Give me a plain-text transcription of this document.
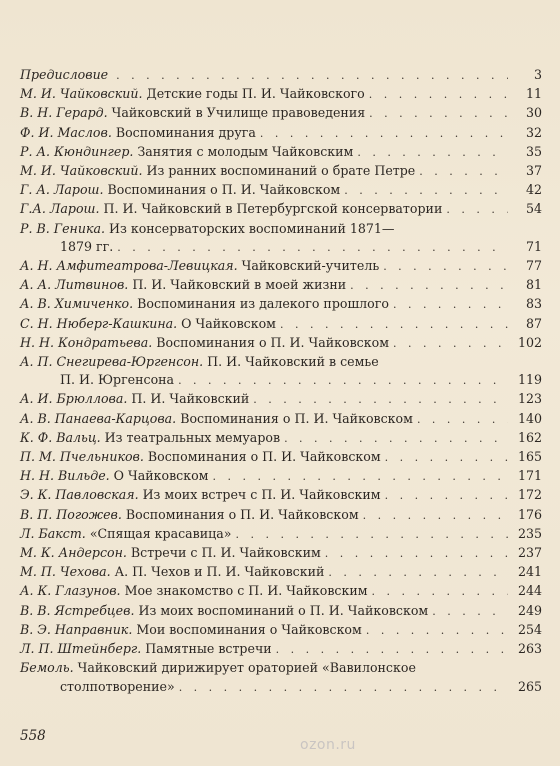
Предисловие . . .	3
М. И. Чайковский. Детские годы П. И. Чайковского . . .	11
В. Н. Герард. Чайковский в Училище правоведения . . .	30
Ф. И. Маслов. Воспоминания друга . . .	32
Р. А. Кюндингер. Занятия с молодым Чайковским . . .	35
М. И. Чайковский. Из ранних воспоминаний о брате Петре . . .	37
Г. А. Ларош. Воспоминания о П. И. Чайковском . . .	42
Г.А. Ларош. П. И. Чайковский в Петербургской консерватории . . .	54
Р. В. Геника. Из консерваторских воспоминаний 1871—
1879 гг. . . .	71
А. Н. Амфитеатрова-Левицкая. Чайковский-учитель . . .	77
А. А. Литвинов. П. И. Чайковский в моей жизни . . .	81
А. В. Химиченко. Воспоминания из далекого прошлого . . .	83
С. Н. Нюберг-Кашкина. О Чайковском . . .	87
Н. Н. Кондратьева. Воспоминания о П. И. Чайковском . . .	102
А. П. Снегирева-Юргенсон. П. И. Чайковский в семье
П. И. Юргенсона . . .	119
А. И. Брюллова. П. И. Чайковский . . .	123
А. В. Панаева-Карцова. Воспоминания о П. И. Чайковском . . .	140
К. Ф. Вальц. Из театральных мемуаров . . .	162
П. М. Пчельников. Воспоминания о П. И. Чайковском . . .	165
Н. Н. Вильде. О Чайковском . . .	171
Э. К. Павловская. Из моих встреч с П. И. Чайковским . . .	172
В. П. Погожев. Воспоминания о П. И. Чайковском . . .	176
Л. Бакст. «Спящая красавица» . . .	235
М. К. Андерсон. Встречи с П. И. Чайковским . . .	237
М. П. Чехова. А. П. Чехов и П. И. Чайковский . . .	241
А. К. Глазунов. Мое знакомство с П. И. Чайковским . . .	244
В. В. Ястребцев. Из моих воспоминаний о П. И. Чайковском . . .	249
В. Э. Направник. Мои воспоминания о Чайковском . . .	254
Л. П. Штейнберг. Памятные встречи . . .	263
Бемоль. Чайковский дирижирует ораторией «Вавилонское
столпотворение» . . .	265
558
ozon.ru
